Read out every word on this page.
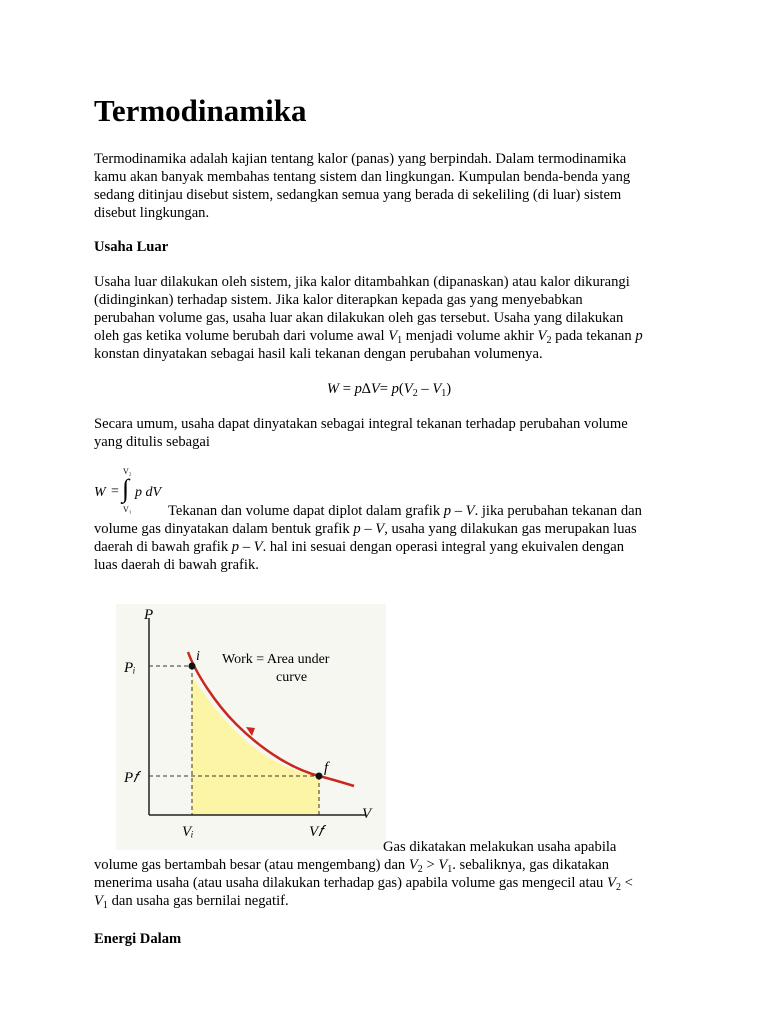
Termodinamika

Termodinamika adalah kajian tentang kalor (panas) yang berpindah. Dalam termodinamika
kamu akan banyak membahas tentang sistem dan lingkungan. Kumpulan benda-benda yang
sedang ditinjau disebut sistem, sedangkan semua yang berada di sekeliling (di luar) sistem
disebut lingkungan.

Usaha Luar

Usaha luar dilakukan oleh sistem, jika kalor ditambahkan (dipanaskan) atau kalor dikurangi
(didinginkan) terhadap sistem. Jika kalor diterapkan kepada gas yang menyebabkan
perubahan volume gas, usaha luar akan dilakukan oleh gas tersebut. Usaha yang dilakukan
oleh gas ketika volume berubah dari volume awal $V_1$ menjadi volume akhir $V_2$ pada tekanan p
konstan dinyatakan sebagai hasil kali tekanan dengan perubahan volumenya.

$W = p\Delta V= p(V_2 - V_1)$

Secara umum, usaha dapat dinyatakan sebagai integral tekanan terhadap perubahan volume
yang ditulis sebagai

W = ∫
V₂
V₁
p dV

Tekanan dan volume dapat diplot dalam grafik p – V. jika perubahan tekanan dan
volume gas dinyatakan dalam bentuk grafik p – V, usaha yang dilakukan gas merupakan luas
daerah di bawah grafik p – V. hal ini sesuai dengan operasi integral yang ekuivalen dengan
luas daerah di bawah grafik.

P
V
Pᵢ
P𝑓
Vᵢ	V𝑓
i
f
Work = Area under
curve

Gas dikatakan melakukan usaha apabila
volume gas bertambah besar (atau mengembang) dan $V_2 > V_1$. sebaliknya, gas dikatakan
menerima usaha (atau usaha dilakukan terhadap gas) apabila volume gas mengecil atau $V_2$ <
$V_1$ dan usaha gas bernilai negatif.

Energi Dalam
